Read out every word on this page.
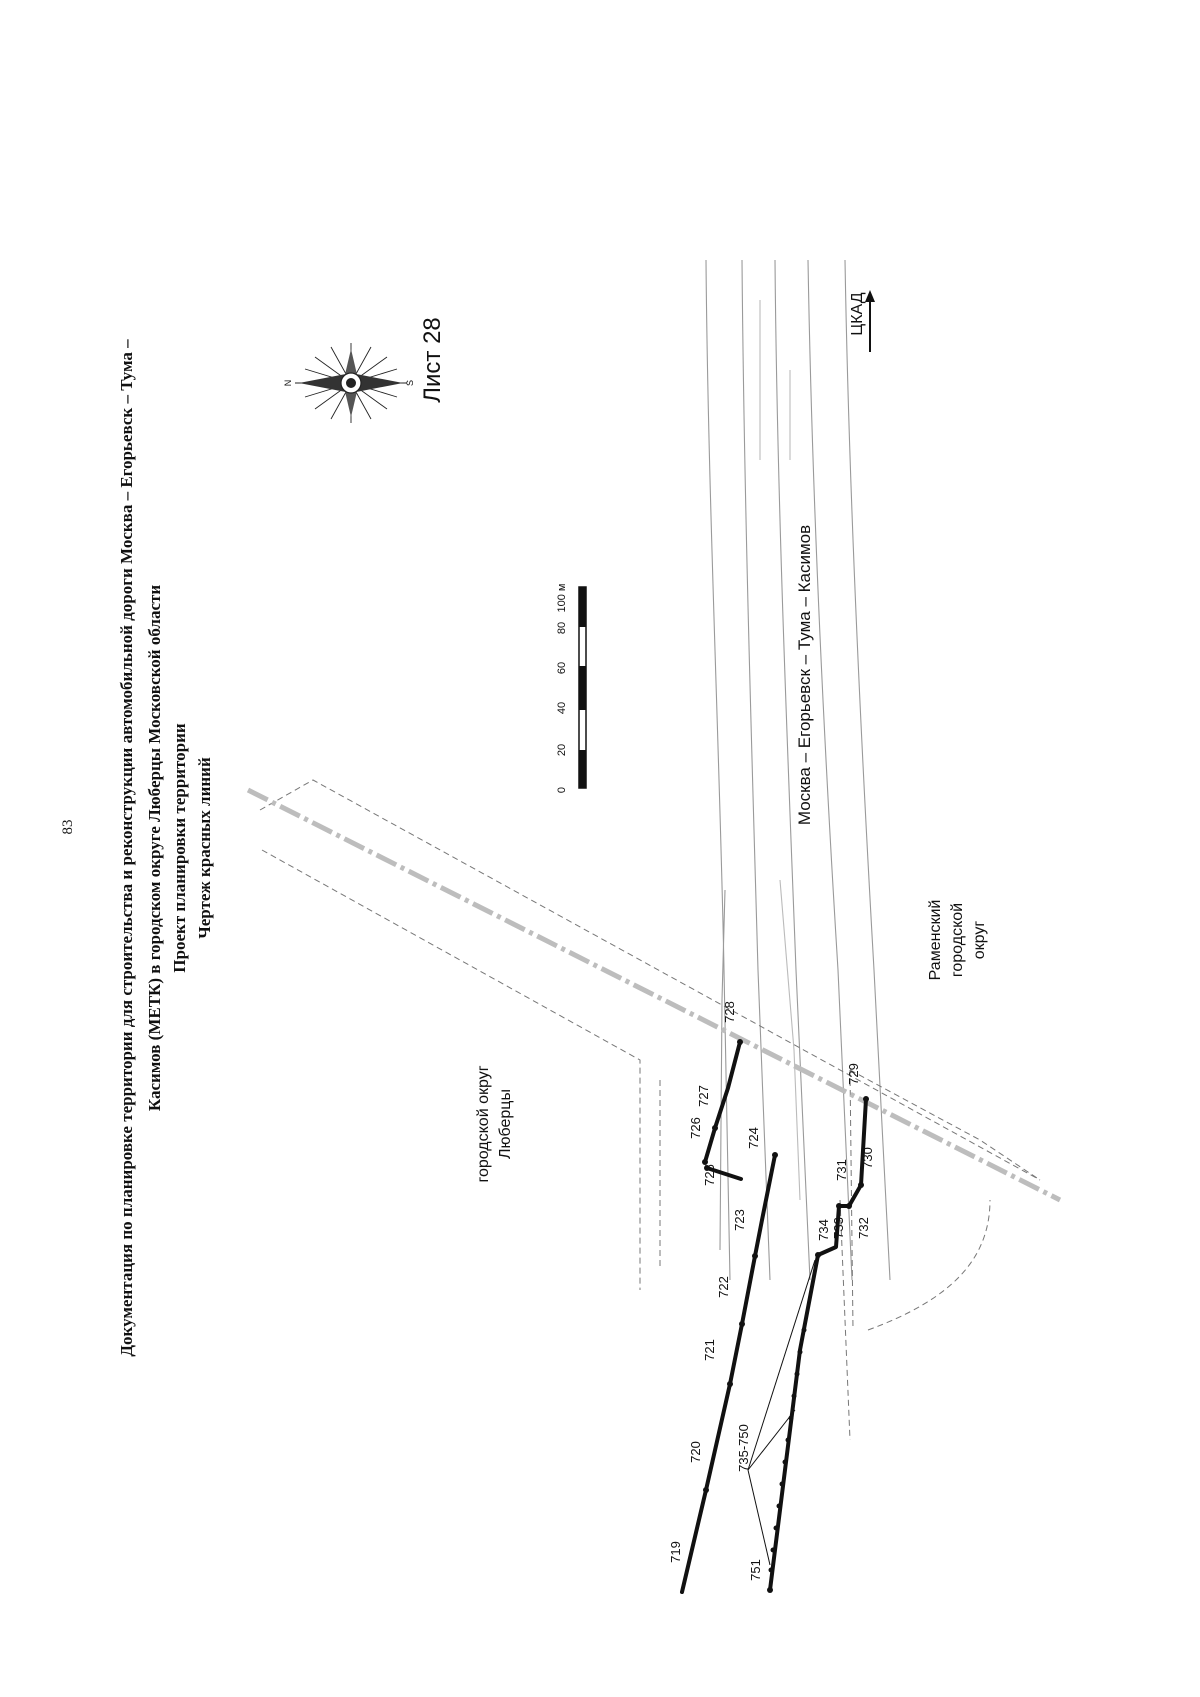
83 Документация по планировке территории для строительства и реконструкции автомобильной дороги Москва – Егорьевск – Тума – Касимов (МЕТК) в городском округе Люберцы Московской области Проект планировки территории Чертеж красных линий
N	S Лист 28
0
20
40
60
80
100 м
719
720
721
722
723
724
725
726
727
728
729
730
731
732
733
734
735-750
751
городской округ Люберцы
Раменский городской округ
Москва – Егорьевск – Тума – Касимов
ЦКАД
